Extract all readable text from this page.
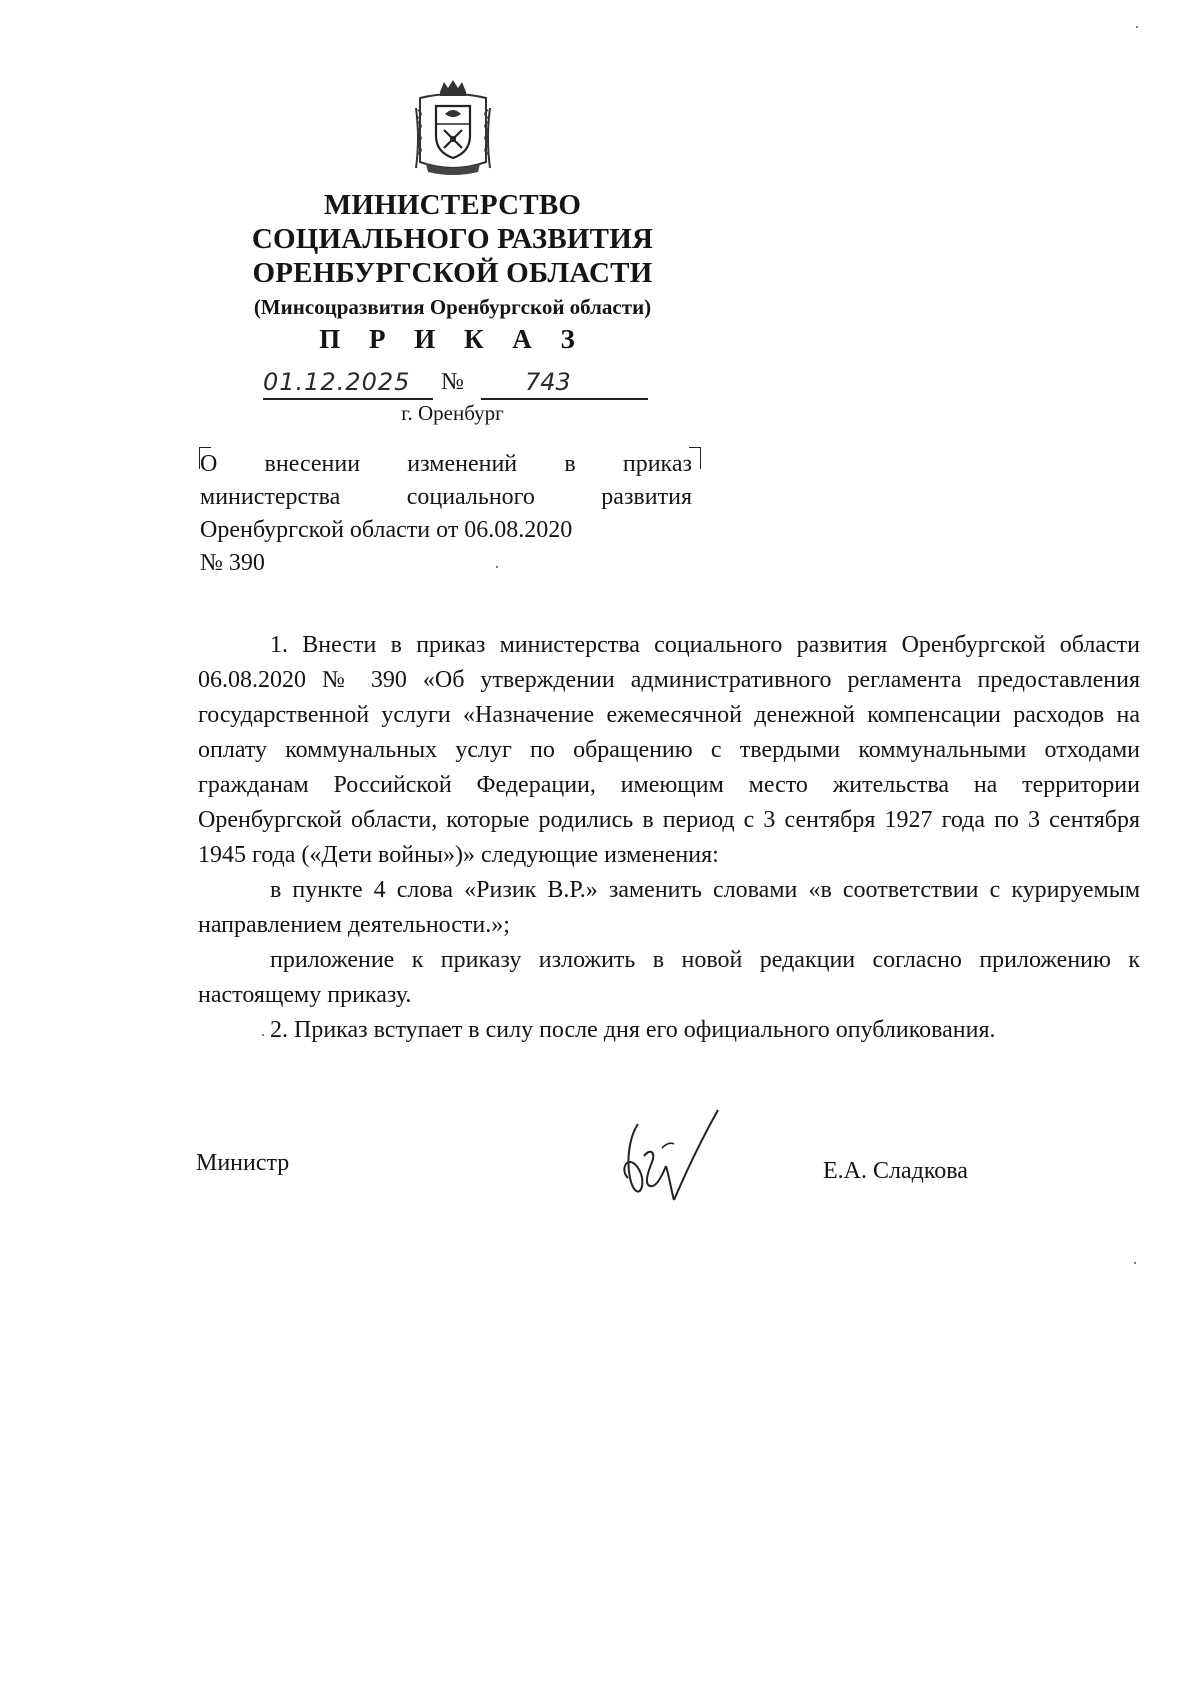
МИНИСТЕРСТВО
СОЦИАЛЬНОГО РАЗВИТИЯ
ОРЕНБУРГСКОЙ ОБЛАСТИ
(Минсоцразвития Оренбургской области)
П Р И К А З
01.12.2025	№	743
г. Оренбург
О внесении изменений в приказ
министерства	социального	развития
Оренбургской области от 06.08.2020
№ 390
1. Внести в приказ министерства социального развития Оренбургской области 06.08.2020 № 390 «Об утверждении административного регламента предоставления государственной услуги «Назначение ежемесячной денежной компенсации расходов на оплату коммунальных услуг по обращению с твердыми коммунальными отходами гражданам Российской Федерации, имеющим место жительства на территории Оренбургской области, которые родились в период с 3 сентября 1927 года по 3 сентября 1945 года («Дети войны»)» следующие изменения:
в пункте 4 слова «Ризик В.Р.» заменить словами «в соответствии с курируемым направлением деятельности.»;
приложение к приказу изложить в новой редакции согласно приложению к настоящему приказу.
2. Приказ вступает в силу после дня его официального опубликования.
Министр	Е.А. Сладкова
